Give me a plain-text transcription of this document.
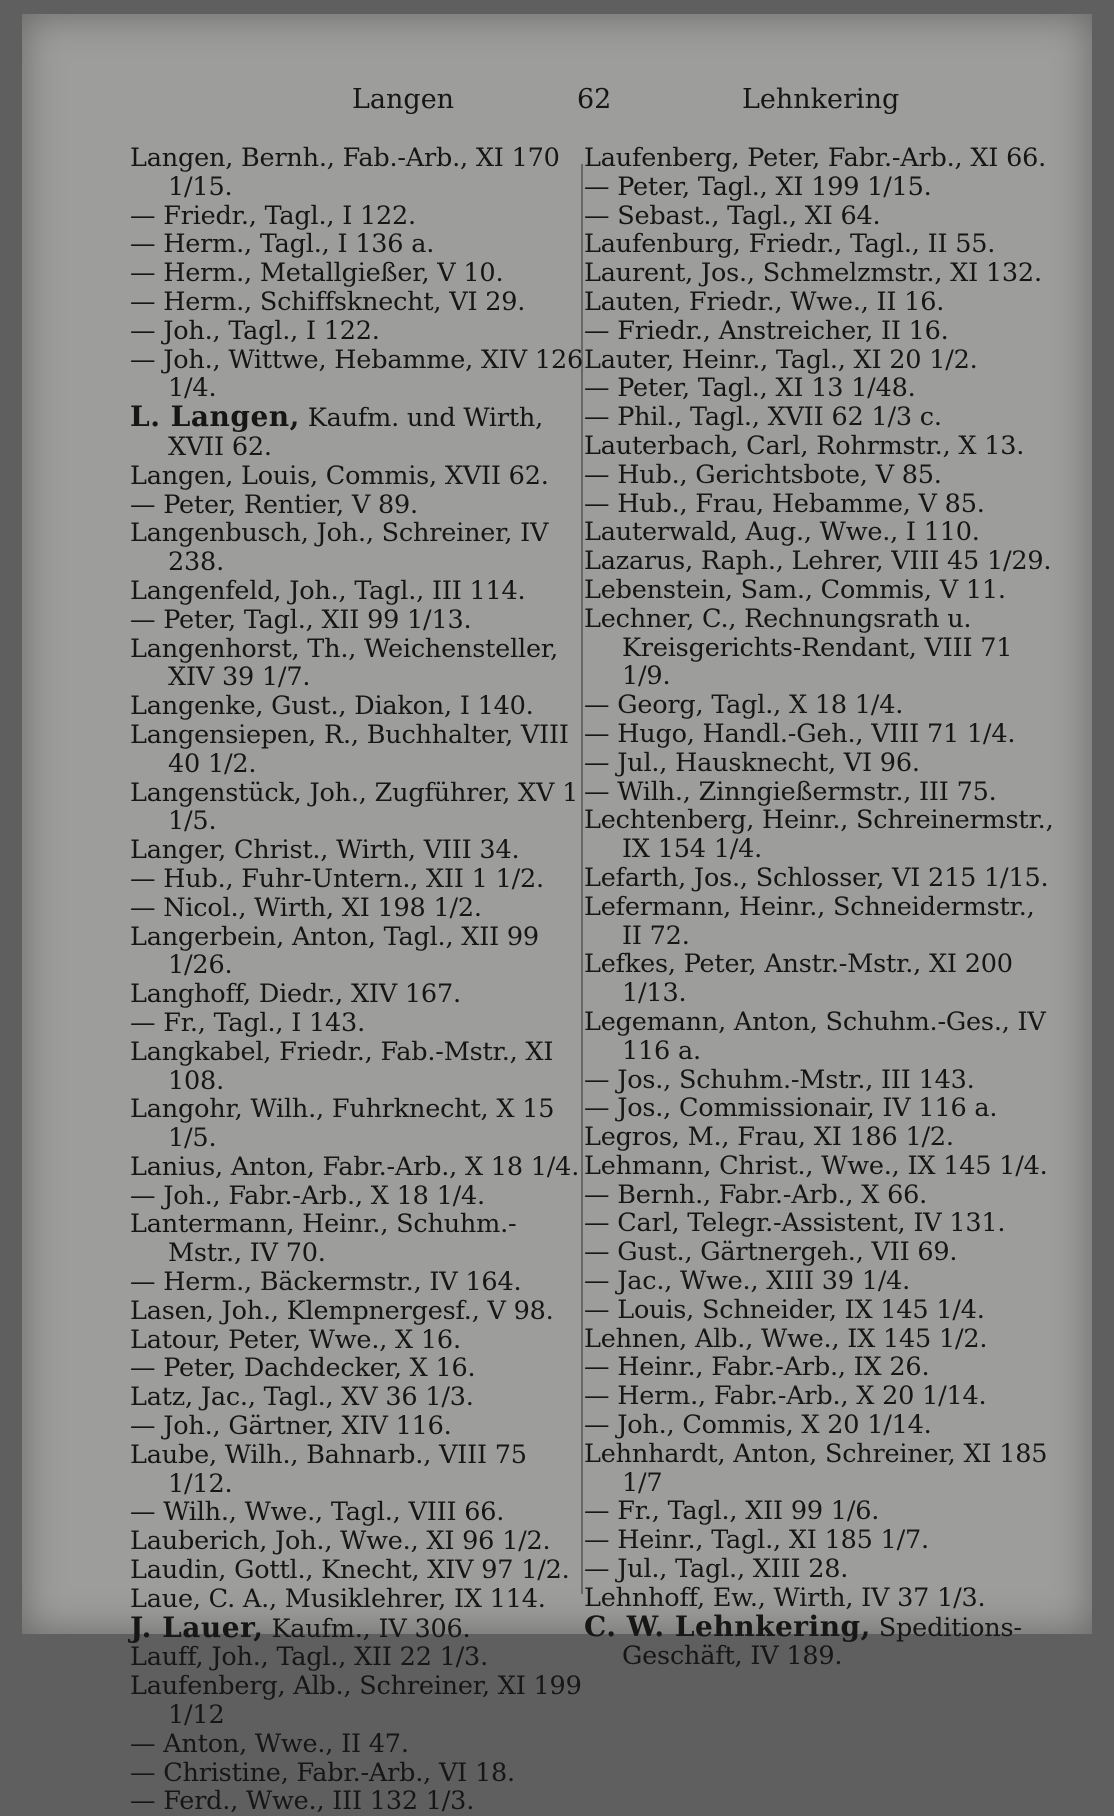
Langen	62	Lehnkering

Langen, Bernh., Fab.-Arb., XI 170 1/15.

— Friedr., Tagl., I 122.

— Herm., Tagl., I 136 a.

— Herm., Metallgießer, V 10.

— Herm., Schiffsknecht, VI 29.

— Joh., Tagl., I 122.

— Joh., Wittwe, Hebamme, XIV 126 1/4.

L. Langen, Kaufm. und Wirth, XVII 62.

Langen, Louis, Commis, XVII 62.

— Peter, Rentier, V 89.

Langenbusch, Joh., Schreiner, IV 238.

Langenfeld, Joh., Tagl., III 114.

— Peter, Tagl., XII 99 1/13.

Langenhorst, Th., Weichensteller, XIV 39 1/7.

Langenke, Gust., Diakon, I 140.

Langensiepen, R., Buchhalter, VIII 40 1/2.

Langenstück, Joh., Zugführer, XV 1 1/5.

Langer, Christ., Wirth, VIII 34.

— Hub., Fuhr-Untern., XII 1 1/2.

— Nicol., Wirth, XI 198 1/2.

Langerbein, Anton, Tagl., XII 99 1/26.

Langhoff, Diedr., XIV 167.

— Fr., Tagl., I 143.

Langkabel, Friedr., Fab.-Mstr., XI 108.

Langohr, Wilh., Fuhrknecht, X 15 1/5.

Lanius, Anton, Fabr.-Arb., X 18 1/4.

— Joh., Fabr.-Arb., X 18 1/4.

Lantermann, Heinr., Schuhm.-Mstr., IV 70.

— Herm., Bäckermstr., IV 164.

Lasen, Joh., Klempnergesf., V 98.

Latour, Peter, Wwe., X 16.

— Peter, Dachdecker, X 16.

Latz, Jac., Tagl., XV 36 1/3.

— Joh., Gärtner, XIV 116.

Laube, Wilh., Bahnarb., VIII 75 1/12.

— Wilh., Wwe., Tagl., VIII 66.

Lauberich, Joh., Wwe., XI 96 1/2.

Laudin, Gottl., Knecht, XIV 97 1/2.

Laue, C. A., Musiklehrer, IX 114.

J. Lauer, Kaufm., IV 306.

Lauff, Joh., Tagl., XII 22 1/3.

Laufenberg, Alb., Schreiner, XI 199 1/12

— Anton, Wwe., II 47.

— Christine, Fabr.-Arb., VI 18.

— Ferd., Wwe., III 132 1/3.

Laufenberg, Peter, Fabr.-Arb., XI 66.

— Peter, Tagl., XI 199 1/15.

— Sebast., Tagl., XI 64.

Laufenburg, Friedr., Tagl., II 55.

Laurent, Jos., Schmelzmstr., XI 132.

Lauten, Friedr., Wwe., II 16.

— Friedr., Anstreicher, II 16.

Lauter, Heinr., Tagl., XI 20 1/2.

— Peter, Tagl., XI 13 1/48.

— Phil., Tagl., XVII 62 1/3 c.

Lauterbach, Carl, Rohrmstr., X 13.

— Hub., Gerichtsbote, V 85.

— Hub., Frau, Hebamme, V 85.

Lauterwald, Aug., Wwe., I 110.

Lazarus, Raph., Lehrer, VIII 45 1/29.

Lebenstein, Sam., Commis, V 11.

Lechner, C., Rechnungsrath u. Kreisgerichts-Rendant, VIII 71 1/9.

— Georg, Tagl., X 18 1/4.

— Hugo, Handl.-Geh., VIII 71 1/4.

— Jul., Hausknecht, VI 96.

— Wilh., Zinngießermstr., III 75.

Lechtenberg, Heinr., Schreinermstr., IX 154 1/4.

Lefarth, Jos., Schlosser, VI 215 1/15.

Lefermann, Heinr., Schneidermstr., II 72.

Lefkes, Peter, Anstr.-Mstr., XI 200 1/13.

Legemann, Anton, Schuhm.-Ges., IV 116 a.

— Jos., Schuhm.-Mstr., III 143.

— Jos., Commissionair, IV 116 a.

Legros, M., Frau, XI 186 1/2.

Lehmann, Christ., Wwe., IX 145 1/4.

— Bernh., Fabr.-Arb., X 66.

— Carl, Telegr.-Assistent, IV 131.

— Gust., Gärtnergeh., VII 69.

— Jac., Wwe., XIII 39 1/4.

— Louis, Schneider, IX 145 1/4.

Lehnen, Alb., Wwe., IX 145 1/2.

— Heinr., Fabr.-Arb., IX 26.

— Herm., Fabr.-Arb., X 20 1/14.

— Joh., Commis, X 20 1/14.

Lehnhardt, Anton, Schreiner, XI 185 1/7

— Fr., Tagl., XII 99 1/6.

— Heinr., Tagl., XI 185 1/7.

— Jul., Tagl., XIII 28.

Lehnhoff, Ew., Wirth, IV 37 1/3.

C. W. Lehnkering, Speditions-Geschäft, IV 189.
